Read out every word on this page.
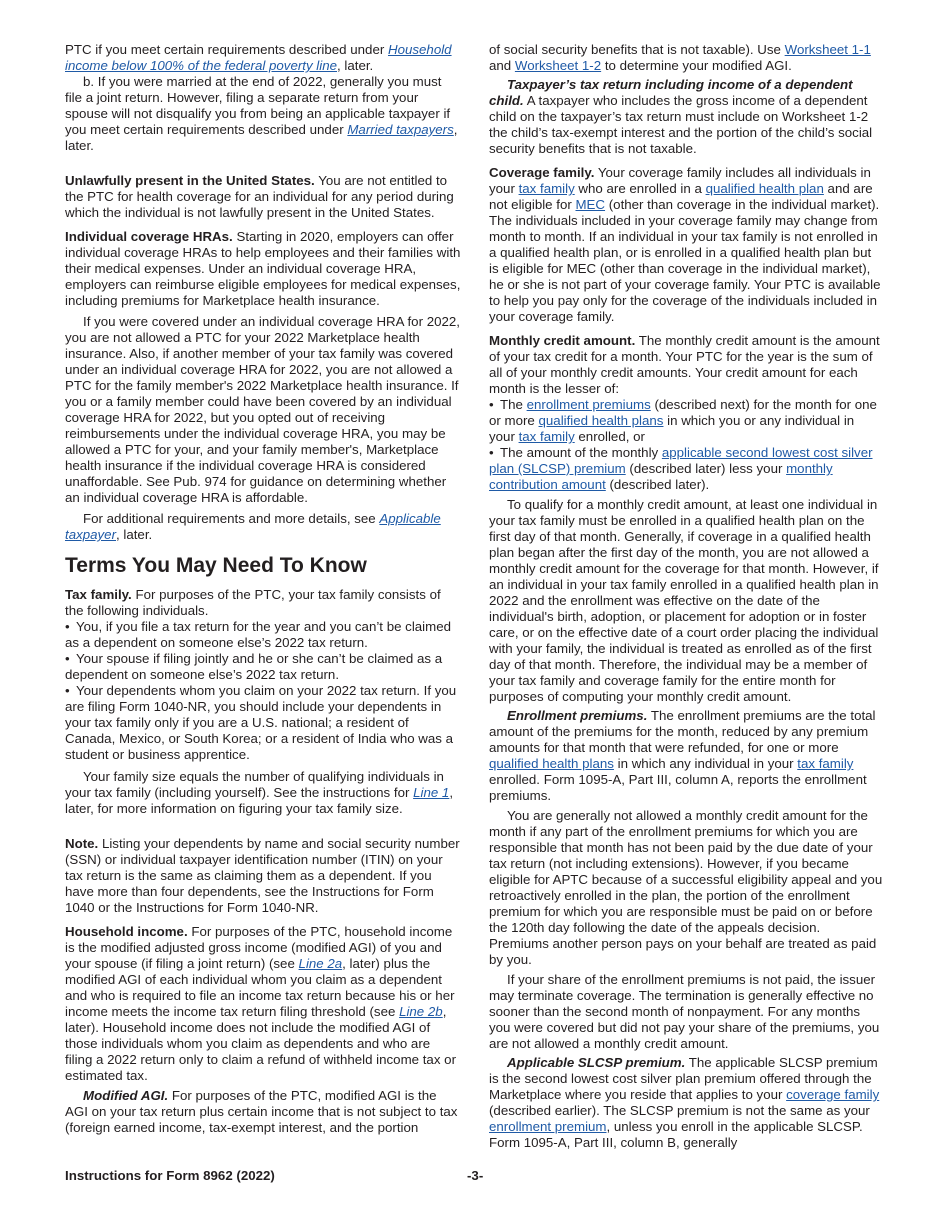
PTC if you meet certain requirements described under Household income below 100% of the federal poverty line, later.

b. If you were married at the end of 2022, generally you must file a joint return. However, filing a separate return from your spouse will not disqualify you from being an applicable taxpayer if you meet certain requirements described under Married taxpayers, later.

Unlawfully present in the United States. You are not entitled to the PTC for health coverage for an individual for any period during which the individual is not lawfully present in the United States.

Individual coverage HRAs. Starting in 2020, employers can offer individual coverage HRAs to help employees and their families with their medical expenses. Under an individual coverage HRA, employers can reimburse eligible employees for medical expenses, including premiums for Marketplace health insurance.

If you were covered under an individual coverage HRA for 2022, you are not allowed a PTC for your 2022 Marketplace health insurance. Also, if another member of your tax family was covered under an individual coverage HRA for 2022, you are not allowed a PTC for the family member's 2022 Marketplace health insurance. If you or a family member could have been covered by an individual coverage HRA for 2022, but you opted out of receiving reimbursements under the individual coverage HRA, you may be allowed a PTC for your, and your family member's, Marketplace health insurance if the individual coverage HRA is considered unaffordable. See Pub. 974 for guidance on determining whether an individual coverage HRA is affordable.

For additional requirements and more details, see Applicable taxpayer, later.

Terms You May Need To Know

Tax family. For purposes of the PTC, your tax family consists of the following individuals.

• You, if you file a tax return for the year and you can’t be claimed as a dependent on someone else’s 2022 tax return.

• Your spouse if filing jointly and he or she can’t be claimed as a dependent on someone else’s 2022 tax return.

• Your dependents whom you claim on your 2022 tax return. If you are filing Form 1040-NR, you should include your dependents in your tax family only if you are a U.S. national; a resident of Canada, Mexico, or South Korea; or a resident of India who was a student or business apprentice.

Your family size equals the number of qualifying individuals in your tax family (including yourself). See the instructions for Line 1, later, for more information on figuring your tax family size.

Note. Listing your dependents by name and social security number (SSN) or individual taxpayer identification number (ITIN) on your tax return is the same as claiming them as a dependent. If you have more than four dependents, see the Instructions for Form 1040 or the Instructions for Form 1040-NR.

Household income. For purposes of the PTC, household income is the modified adjusted gross income (modified AGI) of you and your spouse (if filing a joint return) (see Line 2a, later) plus the modified AGI of each individual whom you claim as a dependent and who is required to file an income tax return because his or her income meets the income tax return filing threshold (see Line 2b, later). Household income does not include the modified AGI of those individuals whom you claim as dependents and who are filing a 2022 return only to claim a refund of withheld income tax or estimated tax.

Modified AGI. For purposes of the PTC, modified AGI is the AGI on your tax return plus certain income that is not subject to tax (foreign earned income, tax-exempt interest, and the portion

of social security benefits that is not taxable). Use Worksheet 1-1 and Worksheet 1-2 to determine your modified AGI.

Taxpayer’s tax return including income of a dependent child. A taxpayer who includes the gross income of a dependent child on the taxpayer’s tax return must include on Worksheet 1-2 the child’s tax-exempt interest and the portion of the child’s social security benefits that is not taxable.

Coverage family. Your coverage family includes all individuals in your tax family who are enrolled in a qualified health plan and are not eligible for MEC (other than coverage in the individual market). The individuals included in your coverage family may change from month to month. If an individual in your tax family is not enrolled in a qualified health plan, or is enrolled in a qualified health plan but is eligible for MEC (other than coverage in the individual market), he or she is not part of your coverage family. Your PTC is available to help you pay only for the coverage of the individuals included in your coverage family.

Monthly credit amount. The monthly credit amount is the amount of your tax credit for a month. Your PTC for the year is the sum of all of your monthly credit amounts. Your credit amount for each month is the lesser of:

• The enrollment premiums (described next) for the month for one or more qualified health plans in which you or any individual in your tax family enrolled, or

• The amount of the monthly applicable second lowest cost silver plan (SLCSP) premium (described later) less your monthly contribution amount (described later).

To qualify for a monthly credit amount, at least one individual in your tax family must be enrolled in a qualified health plan on the first day of that month. Generally, if coverage in a qualified health plan began after the first day of the month, you are not allowed a monthly credit amount for the coverage for that month. However, if an individual in your tax family enrolled in a qualified health plan in 2022 and the enrollment was effective on the date of the individual's birth, adoption, or placement for adoption or in foster care, or on the effective date of a court order placing the individual with your family, the individual is treated as enrolled as of the first day of that month. Therefore, the individual may be a member of your tax family and coverage family for the entire month for purposes of computing your monthly credit amount.

Enrollment premiums. The enrollment premiums are the total amount of the premiums for the month, reduced by any premium amounts for that month that were refunded, for one or more qualified health plans in which any individual in your tax family enrolled. Form 1095-A, Part III, column A, reports the enrollment premiums.

You are generally not allowed a monthly credit amount for the month if any part of the enrollment premiums for which you are responsible that month has not been paid by the due date of your tax return (not including extensions). However, if you became eligible for APTC because of a successful eligibility appeal and you retroactively enrolled in the plan, the portion of the enrollment premium for which you are responsible must be paid on or before the 120th day following the date of the appeals decision. Premiums another person pays on your behalf are treated as paid by you.

If your share of the enrollment premiums is not paid, the issuer may terminate coverage. The termination is generally effective no sooner than the second month of nonpayment. For any months you were covered but did not pay your share of the premiums, you are not allowed a monthly credit amount.

Applicable SLCSP premium. The applicable SLCSP premium is the second lowest cost silver plan premium offered through the Marketplace where you reside that applies to your coverage family (described earlier). The SLCSP premium is not the same as your enrollment premium, unless you enroll in the applicable SLCSP. Form 1095-A, Part III, column B, generally

Instructions for Form 8962 (2022)	-3-
